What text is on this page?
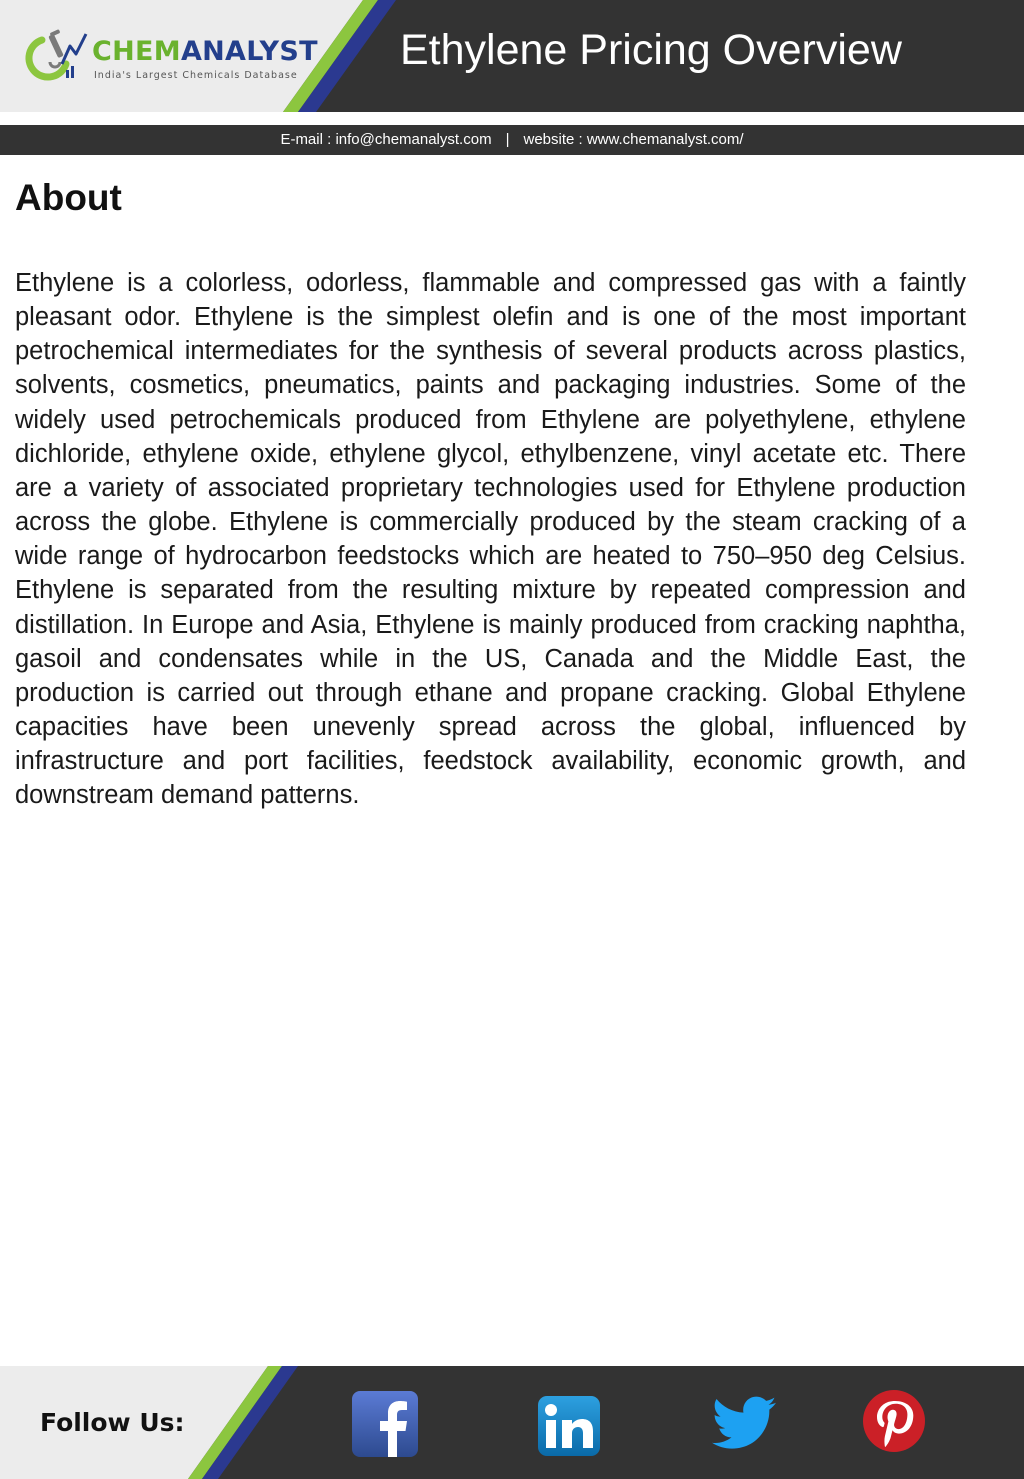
CHEMANALYST
India's Largest Chemicals Database
Ethylene Pricing Overview
E-mail : info@chemanalyst.com | website : www.chemanalyst.com/
About

Ethylene is a colorless, odorless, flammable and compressed gas with a faintly pleasant odor. Ethylene is the simplest olefin and is one of the most important petrochemical intermediates for the synthesis of several products across plastics, solvents, cosmetics, pneumatics, paints and packaging industries. Some of the widely used petrochemicals produced from Ethylene are polyethylene, ethylene dichloride, ethylene oxide, ethylene glycol, ethylbenzene, vinyl acetate etc. There are a variety of associated proprietary technologies used for Ethylene production across the globe. Ethylene is commercially produced by the steam cracking of a wide range of hydrocarbon feedstocks which are heated to 750–950 deg Celsius. Ethylene is separated from the resulting mixture by repeated compression and distillation. In Europe and Asia, Ethylene is mainly produced from cracking naphtha, gasoil and condensates while in the US, Canada and the Middle East, the production is carried out through ethane and propane cracking. Global Ethylene capacities have been unevenly spread across the global, influenced by infrastructure and port facilities, feedstock availability, economic growth, and downstream demand patterns.

Follow Us:
